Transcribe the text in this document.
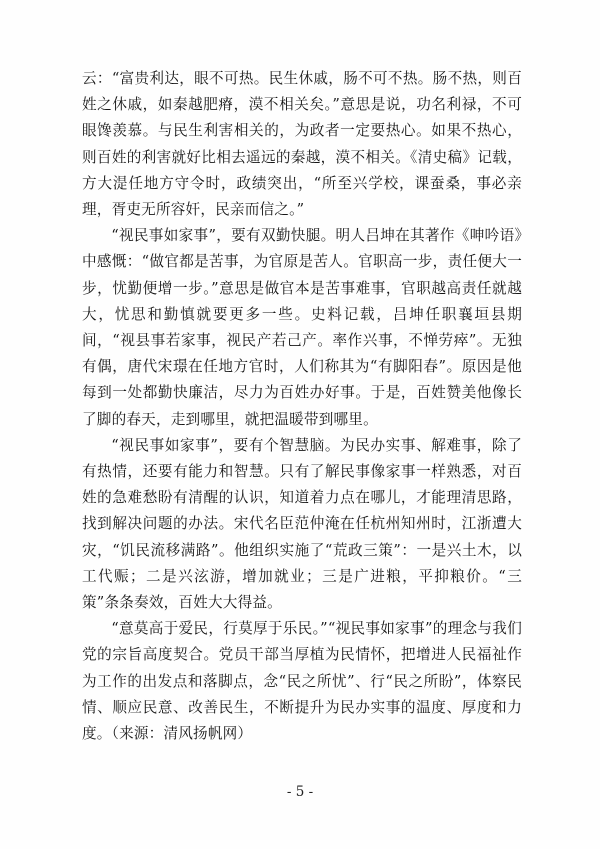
云：“富贵利达，眼不可热。民生休戚，肠不可不热。肠不热，则百姓之休戚，如秦越肥瘠，漠不相关矣。”意思是说，功名利禄，不可眼馋羡慕。与民生利害相关的，为政者一定要热心。如果不热心，则百姓的利害就好比相去遥远的秦越，漠不相关。《清史稿》记载，方大湜任地方守令时，政绩突出，“所至兴学校，课蚕桑，事必亲理，胥吏无所容奸，民亲而信之。”

“视民事如家事”，要有双勤快腿。明人吕坤在其著作《呻吟语》中感慨：“做官都是苦事，为官原是苦人。官职高一步，责任便大一步，忧勤便增一步。”意思是做官本是苦事难事，官职越高责任就越大，忧思和勤慎就要更多一些。史料记载，吕坤任职襄垣县期间，“视县事若家事，视民产若己产。率作兴事，不惮劳瘁”。无独有偶，唐代宋璟在任地方官时，人们称其为“有脚阳春”。原因是他每到一处都勤快廉洁，尽力为百姓办好事。于是，百姓赞美他像长了脚的春天，走到哪里，就把温暖带到哪里。

“视民事如家事”，要有个智慧脑。为民办实事、解难事，除了有热情，还要有能力和智慧。只有了解民事像家事一样熟悉，对百姓的急难愁盼有清醒的认识，知道着力点在哪儿，才能理清思路，找到解决问题的办法。宋代名臣范仲淹在任杭州知州时，江浙遭大灾，“饥民流移满路”。他组织实施了“荒政三策”：一是兴土木，以工代赈；二是兴泫游，增加就业；三是广进粮，平抑粮价。“三策”条条奏效，百姓大大得益。

“意莫高于爱民，行莫厚于乐民。”“视民事如家事”的理念与我们党的宗旨高度契合。党员干部当厚植为民情怀，把增进人民福祉作为工作的出发点和落脚点，念“民之所忧”、行“民之所盼”，体察民情、顺应民意、改善民生，不断提升为民办实事的温度、厚度和力度。（来源：清风扬帆网）

- 5 -
